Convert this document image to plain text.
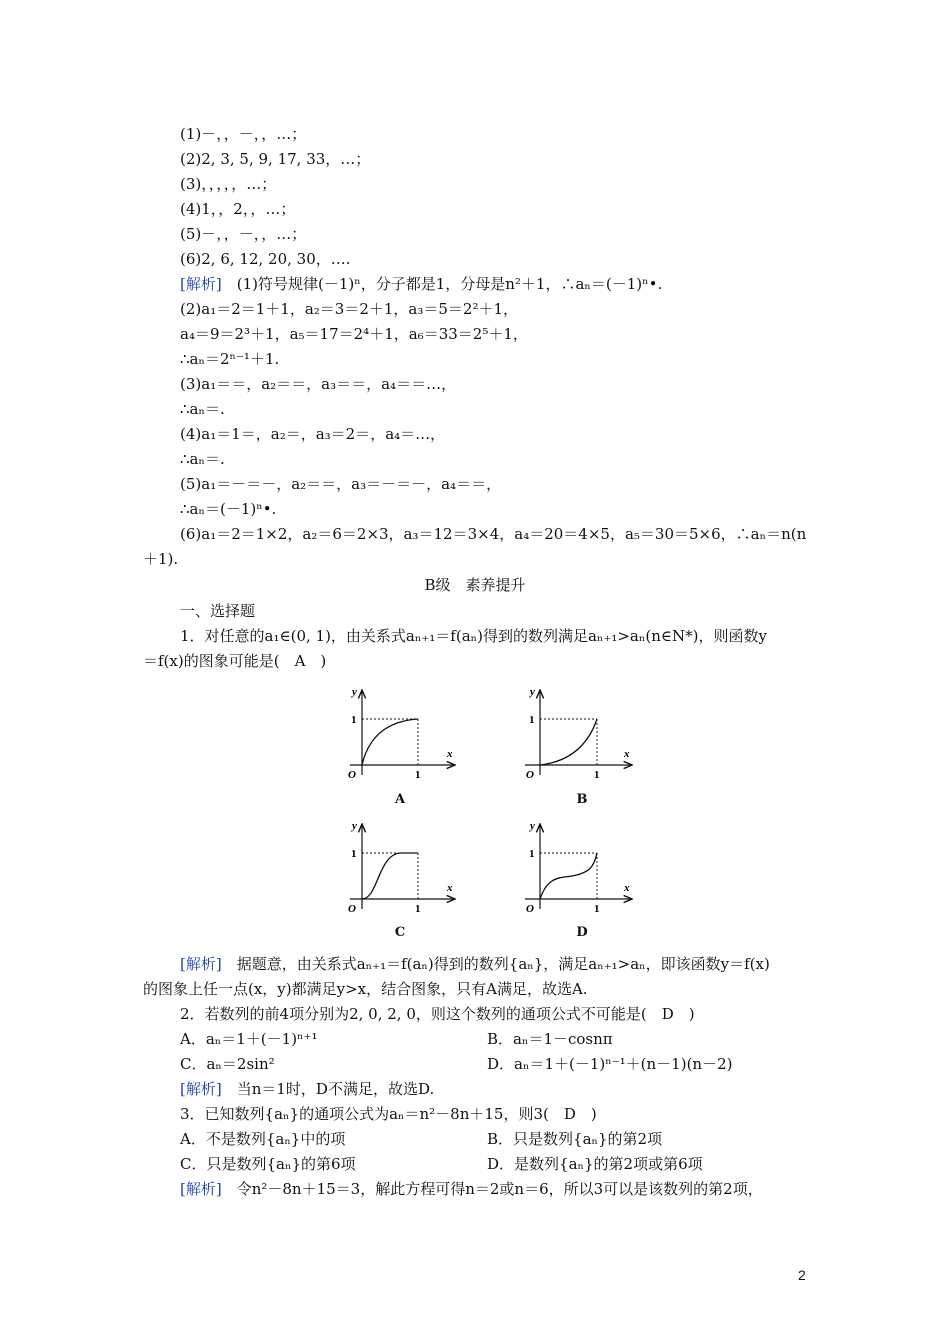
(1)－，，－，，…；
(2)2, 3, 5, 9, 17, 33，…；
(3)，，，，，…；
(4)1，，2，，…；
(5)－，，－，，…；
(6)2, 6, 12, 20, 30，….
[解析]　(1)符号规律(－1)ⁿ，分子都是1，分母是n²＋1，∴aₙ＝(－1)ⁿ•.
(2)a₁＝2＝1＋1，a₂＝3＝2＋1，a₃＝5＝2²＋1，
a₄＝9＝2³＋1，a₅＝17＝2⁴＋1，a₆＝33＝2⁵＋1，
∴aₙ＝2ⁿ⁻¹＋1.
(3)a₁＝＝，a₂＝＝，a₃＝＝，a₄＝＝…，
∴aₙ＝.
(4)a₁＝1＝，a₂＝，a₃＝2＝，a₄＝…，
∴aₙ＝.
(5)a₁＝－＝－，a₂＝＝，a₃＝－＝－，a₄＝＝，
∴aₙ＝(－1)ⁿ•.
(6)a₁＝2＝1×2，a₂＝6＝2×3，a₃＝12＝3×4，a₄＝20＝4×5，a₅＝30＝5×6，∴aₙ＝n(n
＋1).
B级　素养提升
一、选择题
1．对任意的a₁∈(0, 1)，由关系式aₙ₊₁＝f(aₙ)得到的数列满足aₙ₊₁>aₙ(n∈N*)，则函数y
＝f(x)的图象可能是(　A　)
y
x
O
1
1
y
x
O
1
1
y
x
O
1
1
y
x
O
1
1
A	B
C	D
[解析]　据题意，由关系式aₙ₊₁＝f(aₙ)得到的数列{aₙ}，满足aₙ₊₁>aₙ，即该函数y＝f(x)
的图象上任一点(x，y)都满足y>x，结合图象，只有A满足，故选A.
2．若数列的前4项分别为2, 0, 2, 0，则这个数列的通项公式不可能是(　D　)
A．aₙ＝1＋(－1)ⁿ⁺¹	B．aₙ＝1－cosnπ
C．aₙ＝2sin²	D．aₙ＝1＋(－1)ⁿ⁻¹＋(n－1)(n－2)
[解析]　当n＝1时，D不满足，故选D.
3．已知数列{aₙ}的通项公式为aₙ＝n²－8n＋15，则3(　D　)
A．不是数列{aₙ}中的项	B．只是数列{aₙ}的第2项
C．只是数列{aₙ}的第6项	D．是数列{aₙ}的第2项或第6项
[解析]　令n²－8n＋15＝3，解此方程可得n＝2或n＝6，所以3可以是该数列的第2项，
2
